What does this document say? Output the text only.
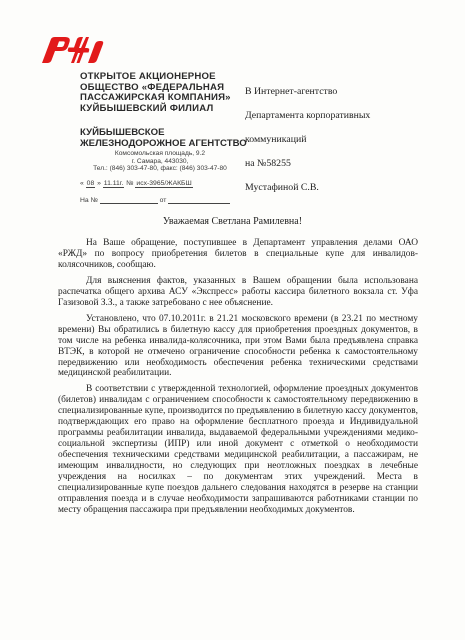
ОТКРЫТОЕ АКЦИОНЕРНОЕ
ОБЩЕСТВО «ФЕДЕРАЛЬНАЯ
ПАССАЖИРСКАЯ КОМПАНИЯ»
КУЙБЫШЕВСКИЙ ФИЛИАЛ
КУЙБЫШЕВСКОЕ
ЖЕЛЕЗНОДОРОЖНОЕ АГЕНТСТВО
Комсомольская площадь, 9.2
г. Самара, 443030,
Тел.: (846) 303-47-80, факс: (846) 303-47-80
« 08 » 11.11г. № исх-3965/ЖАКБШ
На №	от
В Интернет-агентство
Департамента корпоративных
коммуникаций
на №58255
Мустафиной С.В.
Уважаемая Светлана Рамилевна!

На Ваше обращение, поступившее в Департамент управления делами ОАО «РЖД» по вопросу приобретения билетов в специальные купе для инвалидов-колясочников, сообщаю.

Для выяснения фактов, указанных в Вашем обращении была использована распечатка общего архива АСУ «Экспресс» работы кассира билетного вокзала ст. Уфа Газизовой З.З., а также затребовано с нее объяснение.

Установлено, что 07.10.2011г. в 21.21 московского времени (в 23.21 по местному времени) Вы обратились в билетную кассу для приобретения проездных документов, в том числе на ребенка инвалида-колясочника, при этом Вами была предъявлена справка ВТЭК, в которой не отмечено ограничение способности ребенка к самостоятельному передвижению или необходимость обеспечения ребенка техническими средствами медицинской реабилитации.

В соответствии с утвержденной технологией, оформление проездных документов (билетов) инвалидам с ограничением способности к самостоятельному передвижению в специализированные купе, производится по предъявлению в билетную кассу документов, подтверждающих его право на оформление бесплатного проезда и Индивидуальной программы реабилитации инвалида, выдаваемой федеральными учреждениями медико-социальной экспертизы (ИПР) или иной документ с отметкой о необходимости обеспечения техническими средствами медицинской реабилитации, а пассажирам, не имеющим инвалидности, но следующих при неотложных поездках в лечебные учреждения на носилках – по документам этих учреждений. Места в специализированные купе поездов дальнего следования находятся в резерве на станции отправления поезда и в случае необходимости запрашиваются работниками станции по месту обращения пассажира при предъявлении необходимых документов.
